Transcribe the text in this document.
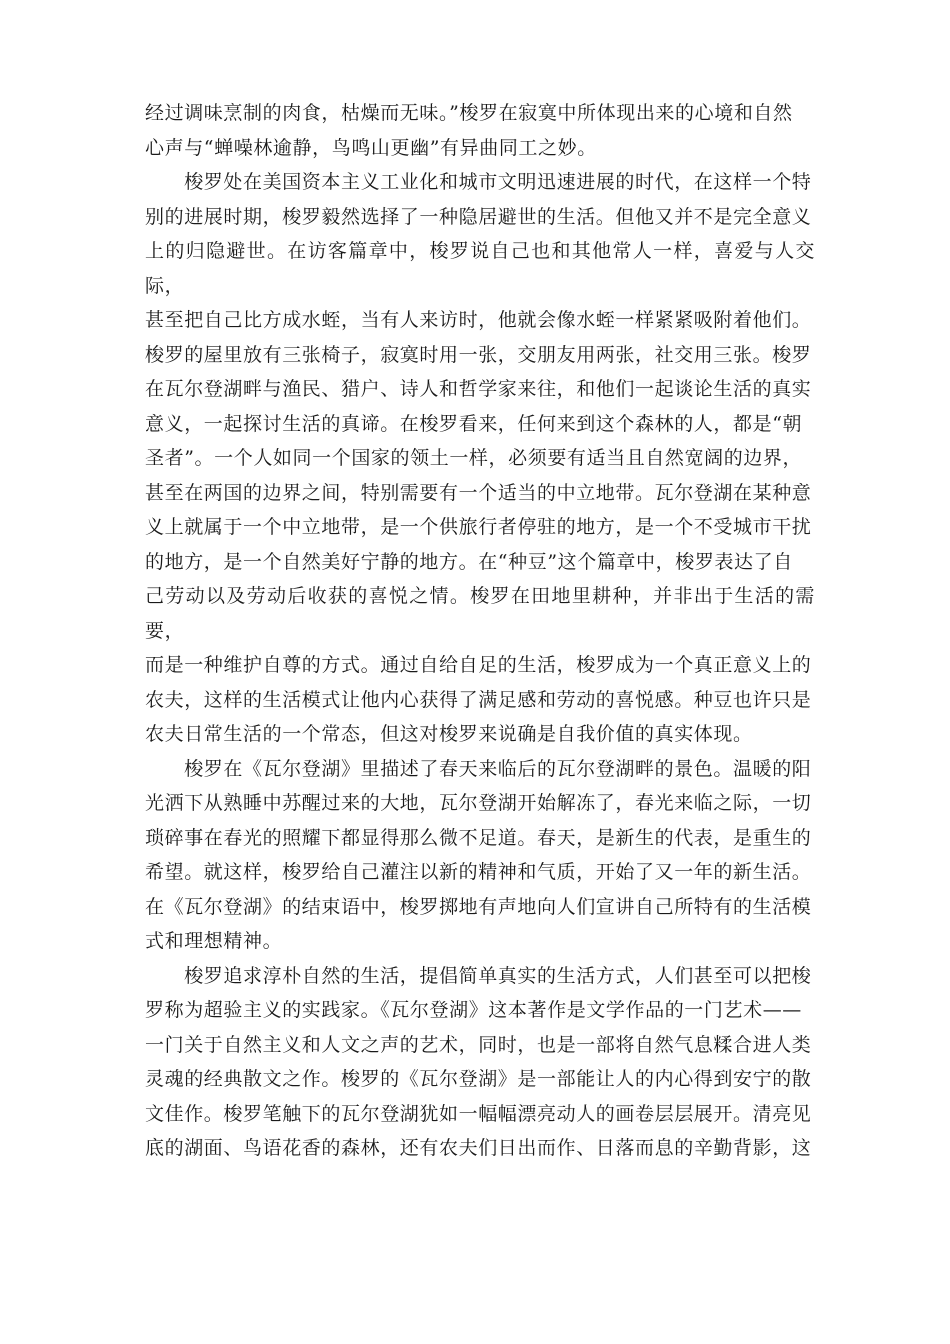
经过调味烹制的肉食，枯燥而无味。”梭罗在寂寞中所体现出来的心境和自然
心声与“蝉噪林逾静，鸟鸣山更幽”有异曲同工之妙。

　　梭罗处在美国资本主义工业化和城市文明迅速进展的时代，在这样一个特
别的进展时期，梭罗毅然选择了一种隐居避世的生活。但他又并不是完全意义
上的归隐避世。在访客篇章中，梭罗说自己也和其他常人一样，喜爱与人交际，
甚至把自己比方成水蛭，当有人来访时，他就会像水蛭一样紧紧吸附着他们。
梭罗的屋里放有三张椅子，寂寞时用一张，交朋友用两张，社交用三张。梭罗
在瓦尔登湖畔与渔民、猎户、诗人和哲学家来往，和他们一起谈论生活的真实
意义，一起探讨生活的真谛。在梭罗看来，任何来到这个森林的人，都是“朝
圣者”。一个人如同一个国家的领土一样，必须要有适当且自然宽阔的边界，
甚至在两国的边界之间，特别需要有一个适当的中立地带。瓦尔登湖在某种意
义上就属于一个中立地带，是一个供旅行者停驻的地方，是一个不受城市干扰
的地方，是一个自然美好宁静的地方。在“种豆”这个篇章中，梭罗表达了自
己劳动以及劳动后收获的喜悦之情。梭罗在田地里耕种，并非出于生活的需要，
而是一种维护自尊的方式。通过自给自足的生活，梭罗成为一个真正意义上的
农夫，这样的生活模式让他内心获得了满足感和劳动的喜悦感。种豆也许只是
农夫日常生活的一个常态，但这对梭罗来说确是自我价值的真实体现。

　　梭罗在《瓦尔登湖》里描述了春天来临后的瓦尔登湖畔的景色。温暖的阳
光洒下从熟睡中苏醒过来的大地，瓦尔登湖开始解冻了，春光来临之际，一切
琐碎事在春光的照耀下都显得那么微不足道。春天，是新生的代表，是重生的
希望。就这样，梭罗给自己灌注以新的精神和气质，开始了又一年的新生活。
在《瓦尔登湖》的结束语中，梭罗掷地有声地向人们宣讲自己所特有的生活模
式和理想精神。

　　梭罗追求淳朴自然的生活，提倡简单真实的生活方式，人们甚至可以把梭
罗称为超验主义的实践家。《瓦尔登湖》这本著作是文学作品的一门艺术——
一门关于自然主义和人文之声的艺术，同时，也是一部将自然气息糅合进人类
灵魂的经典散文之作。梭罗的《瓦尔登湖》是一部能让人的内心得到安宁的散
文佳作。梭罗笔触下的瓦尔登湖犹如一幅幅漂亮动人的画卷层层展开。清亮见
底的湖面、鸟语花香的森林，还有农夫们日出而作、日落而息的辛勤背影，这
